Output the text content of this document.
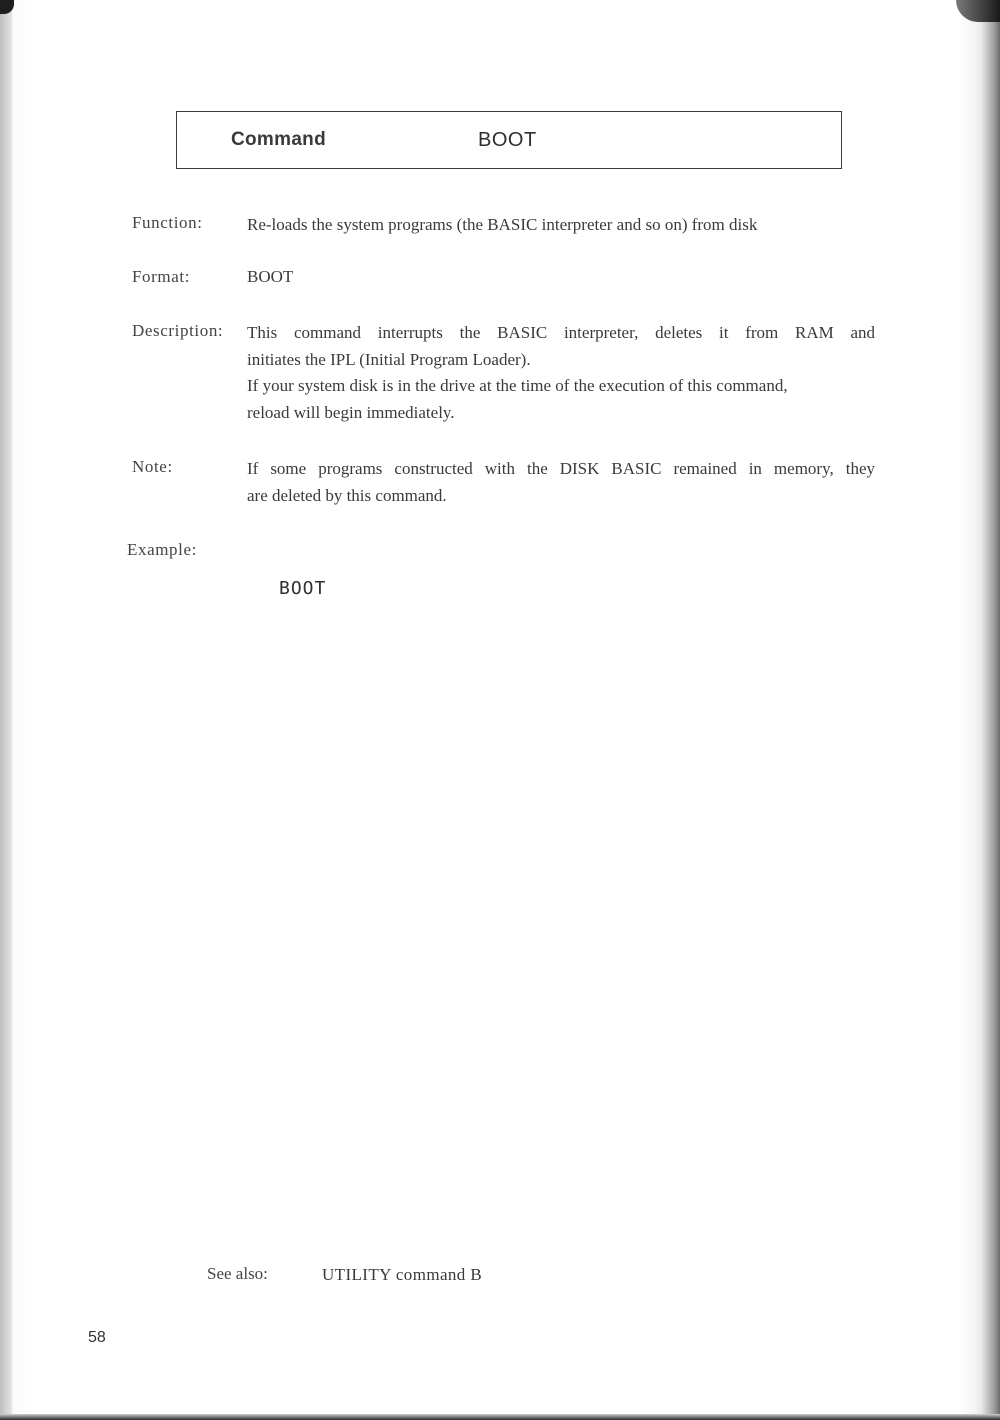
Command	BOOT
Function:	Re-loads the system programs (the BASIC interpreter and so on) from disk
Format:	BOOT
Description: This command interrupts the BASIC interpreter, deletes it from RAM and
initiates the IPL (Initial Program Loader).
If your system disk is in the drive at the time of the execution of this command,
reload will begin immediately.
Note:	If some programs constructed with the DISK BASIC remained in memory, they
are deleted by this command.
Example:
BOOT
See also:	UTILITY command B
58
